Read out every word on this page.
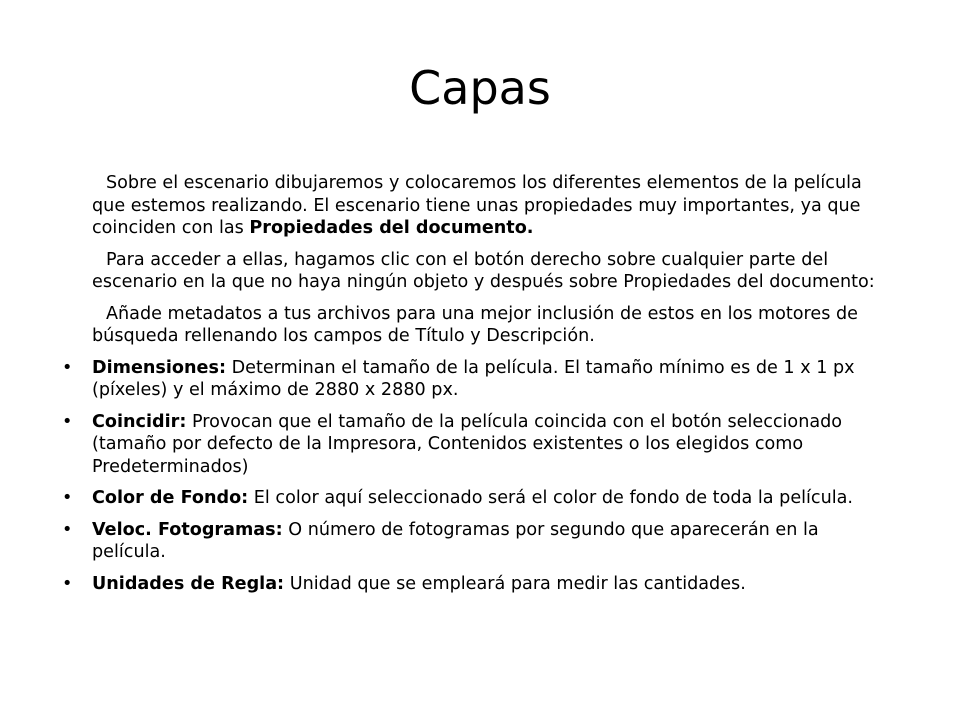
Capas

Sobre el escenario dibujaremos y colocaremos los diferentes elementos de la película que estemos realizando. El escenario tiene unas propiedades muy importantes, ya que coinciden con las Propiedades del documento.

Para acceder a ellas, hagamos clic con el botón derecho sobre cualquier parte del escenario en la que no haya ningún objeto y después sobre Propiedades del documento:

Añade metadatos a tus archivos para una mejor inclusión de estos en los motores de búsqueda rellenando los campos de Título y Descripción.

• Dimensiones: Determinan el tamaño de la película. El tamaño mínimo es de 1 x 1 px (píxeles) y el máximo de 2880 x 2880 px.
• Coincidir: Provocan que el tamaño de la película coincida con el botón seleccionado (tamaño por defecto de la Impresora, Contenidos existentes o los elegidos como Predeterminados)
• Color de Fondo: El color aquí seleccionado será el color de fondo de toda la película.
• Veloc. Fotogramas: O número de fotogramas por segundo que aparecerán en la película.
• Unidades de Regla: Unidad que se empleará para medir las cantidades.
